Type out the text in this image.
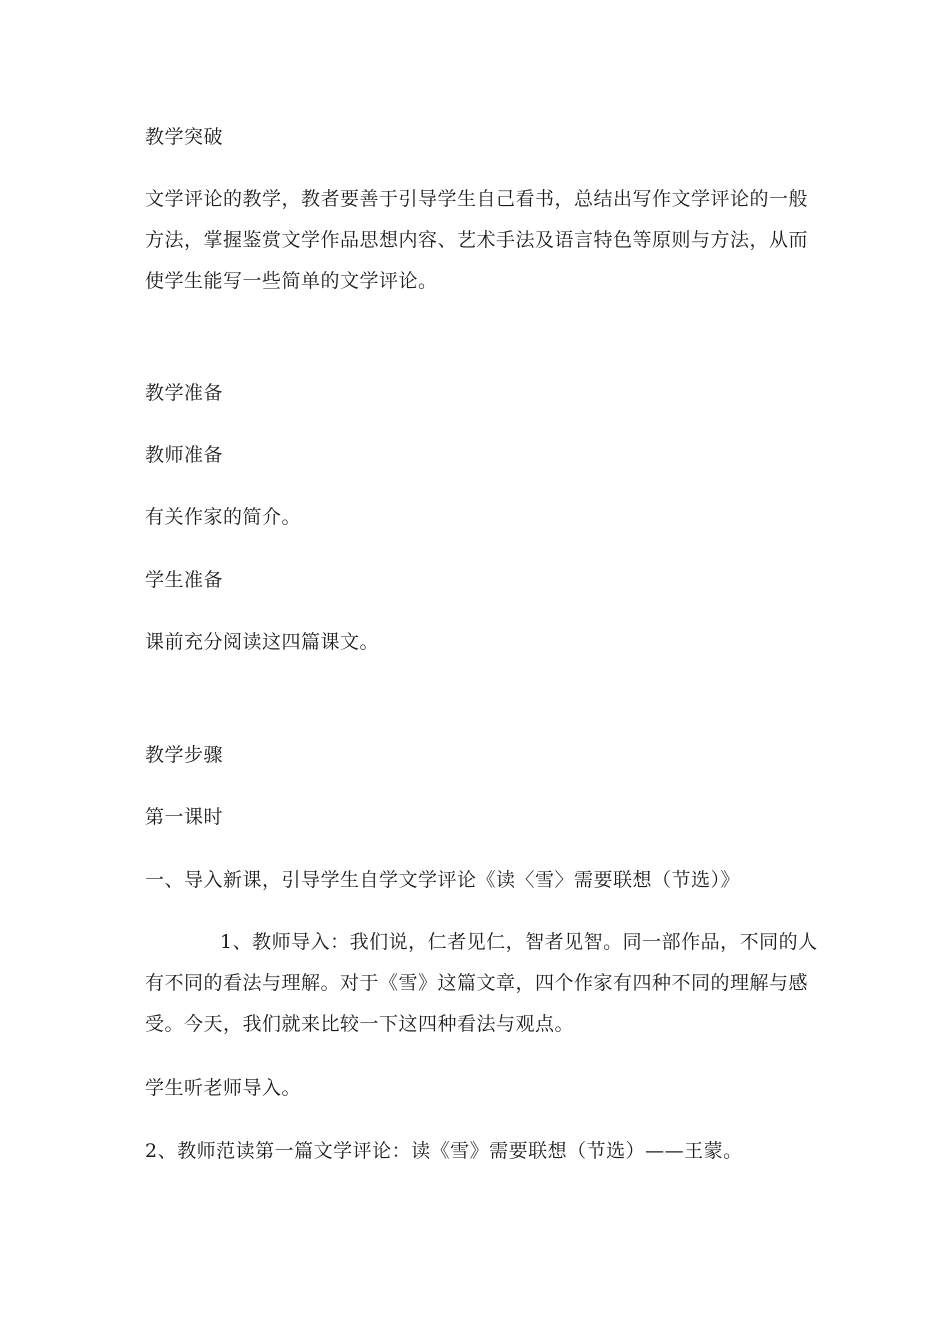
教学突破
文学评论的教学，教者要善于引导学生自己看书，总结出写作文学评论的一般
方法，掌握鉴赏文学作品思想内容、艺术手法及语言特色等原则与方法，从而
使学生能写一些简单的文学评论。
教学准备
教师准备
有关作家的简介。
学生准备
课前充分阅读这四篇课文。
教学步骤
第一课时
一、导入新课，引导学生自学文学评论《读〈雪〉需要联想（节选）》
1、教师导入：我们说，仁者见仁，智者见智。同一部作品，不同的人
有不同的看法与理解。对于《雪》这篇文章，四个作家有四种不同的理解与感
受。今天，我们就来比较一下这四种看法与观点。
学生听老师导入。
2、教师范读第一篇文学评论：读《雪》需要联想（节选）——王蒙。
